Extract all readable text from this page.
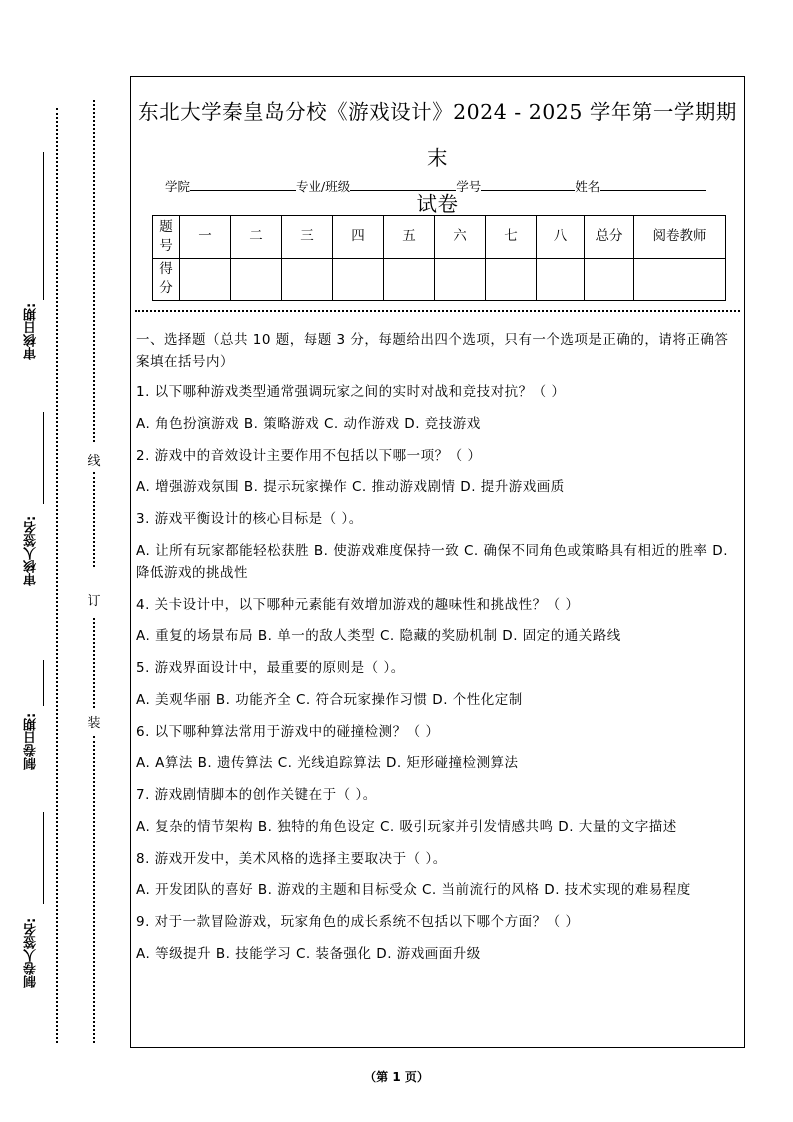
审核日期:
审核人签名:
制卷日期:
制卷人签名:
线
订
装
东北大学秦皇岛分校《游戏设计》2024 - 2025 学年第一学期期末
试卷
学院	专业/班级	学号	姓名
题号	一	二	三	四	五	六	七	八	总分	阅卷教师
得分										
一、选择题（总共 10 题，每题 3 分，每题给出四个选项，只有一个选项是正确的，请将正确答案填在括号内）
1. 以下哪种游戏类型通常强调玩家之间的实时对战和竞技对抗？（ ）
A. 角色扮演游戏 B. 策略游戏 C. 动作游戏 D. 竞技游戏
2. 游戏中的音效设计主要作用不包括以下哪一项？（ ）
A. 增强游戏氛围 B. 提示玩家操作 C. 推动游戏剧情 D. 提升游戏画质
3. 游戏平衡设计的核心目标是（ ）。
A. 让所有玩家都能轻松获胜 B. 使游戏难度保持一致 C. 确保不同角色或策略具有相近的胜率 D. 降低游戏的挑战性
4. 关卡设计中，以下哪种元素能有效增加游戏的趣味性和挑战性？（ ）
A. 重复的场景布局 B. 单一的敌人类型 C. 隐藏的奖励机制 D. 固定的通关路线
5. 游戏界面设计中，最重要的原则是（ ）。
A. 美观华丽 B. 功能齐全 C. 符合玩家操作习惯 D. 个性化定制
6. 以下哪种算法常用于游戏中的碰撞检测？（ ）
A. A算法 B. 遗传算法 C. 光线追踪算法 D. 矩形碰撞检测算法
7. 游戏剧情脚本的创作关键在于（ ）。
A. 复杂的情节架构 B. 独特的角色设定 C. 吸引玩家并引发情感共鸣 D. 大量的文字描述
8. 游戏开发中，美术风格的选择主要取决于（ ）。
A. 开发团队的喜好 B. 游戏的主题和目标受众 C. 当前流行的风格 D. 技术实现的难易程度
9. 对于一款冒险游戏，玩家角色的成长系统不包括以下哪个方面？（ ）
A. 等级提升 B. 技能学习 C. 装备强化 D. 游戏画面升级
（第 1 页）
